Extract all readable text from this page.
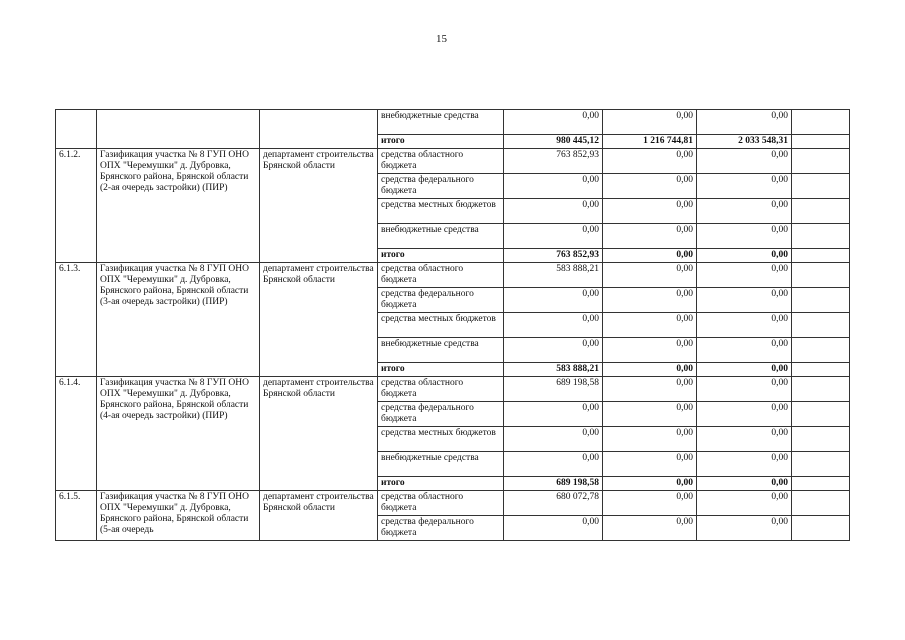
15
			внебюджетные средства	0,00	0,00	0,00	
			итого	980 445,12	1 216 744,81	2 033 548,31	
6.1.2.	Газификация участка № 8 ГУП ОНО ОПХ "Черемушки" д. Дубровка, Брянского района, Брянской области (2-ая очередь застройки) (ПИР)	департамент строительства Брянской области	средства областного бюджета	763 852,93	0,00	0,00	
			средства федерального бюджета	0,00	0,00	0,00	
			средства местных бюджетов	0,00	0,00	0,00	
			внебюджетные средства	0,00	0,00	0,00	
			итого	763 852,93	0,00	0,00	
6.1.3.	Газификация участка № 8 ГУП ОНО ОПХ "Черемушки" д. Дубровка, Брянского района, Брянской области (3-ая очередь застройки) (ПИР)	департамент строительства Брянской области	средства областного бюджета	583 888,21	0,00	0,00	
			средства федерального бюджета	0,00	0,00	0,00	
			средства местных бюджетов	0,00	0,00	0,00	
			внебюджетные средства	0,00	0,00	0,00	
			итого	583 888,21	0,00	0,00	
6.1.4.	Газификация участка № 8 ГУП ОНО ОПХ "Черемушки" д. Дубровка, Брянского района, Брянской области (4-ая очередь застройки) (ПИР)	департамент строительства Брянской области	средства областного бюджета	689 198,58	0,00	0,00	
			средства федерального бюджета	0,00	0,00	0,00	
			средства местных бюджетов	0,00	0,00	0,00	
			внебюджетные средства	0,00	0,00	0,00	
			итого	689 198,58	0,00	0,00	
6.1.5.	Газификация участка № 8 ГУП ОНО ОПХ "Черемушки" д. Дубровка, Брянского района, Брянской области (5-ая очередь	департамент строительства Брянской области	средства областного бюджета	680 072,78	0,00	0,00	
			средства федерального бюджета	0,00	0,00	0,00	
